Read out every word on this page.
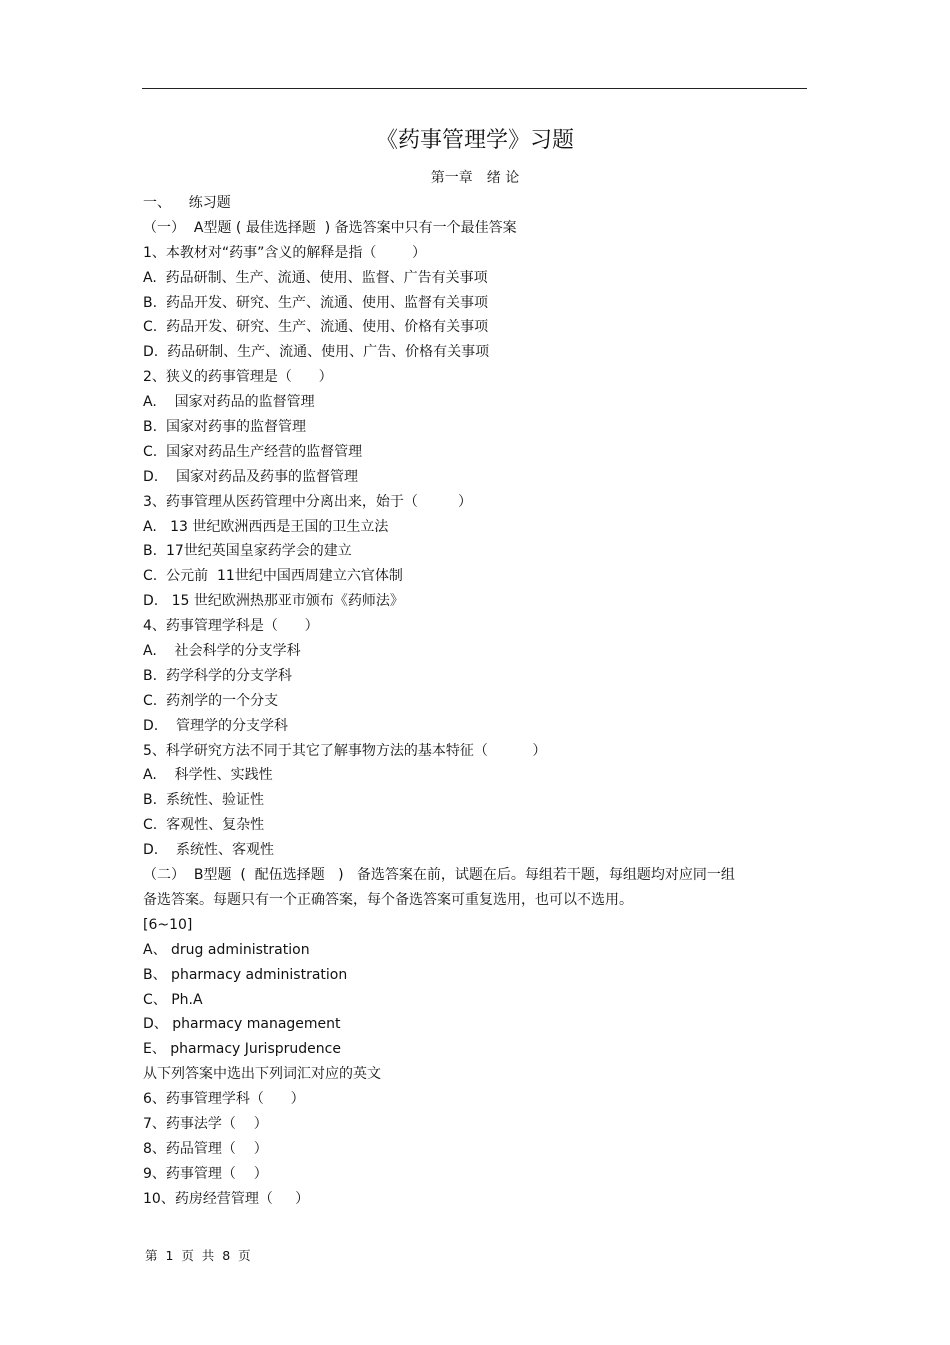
《药事管理学》习题
第一章　绪 论
一、    练习题
（一）  A型题 ( 最佳选择题  ) 备选答案中只有一个最佳答案
1、本教材对“药事”含义的解释是指（        ）
A.  药品研制、生产、流通、使用、监督、广告有关事项
B.  药品开发、研究、生产、流通、使用、监督有关事项
C.  药品开发、研究、生产、流通、使用、价格有关事项
D.  药品研制、生产、流通、使用、广告、价格有关事项
2、狭义的药事管理是（      ）
A.    国家对药品的监督管理
B.  国家对药事的监督管理
C.  国家对药品生产经营的监督管理
D.    国家对药品及药事的监督管理
3、药事管理从医药管理中分离出来，始于（         ）
A.   13 世纪欧洲西西是王国的卫生立法
B.  17世纪英国皇家药学会的建立
C.  公元前  11世纪中国西周建立六官体制
D.   15 世纪欧洲热那亚市颁布《药师法》
4、药事管理学科是（      ）
A.    社会科学的分支学科
B.  药学科学的分支学科
C.  药剂学的一个分支
D.    管理学的分支学科
5、科学研究方法不同于其它了解事物方法的基本特征（          ）
A.    科学性、实践性
B.  系统性、验证性
C.  客观性、复杂性
D.    系统性、客观性
（二）  B型题  (  配伍选择题   )   备选答案在前，试题在后。每组若干题，每组题均对应同一组
备选答案。每题只有一个正确答案，每个备选答案可重复选用，也可以不选用。
[6~10]
A、 drug administration
B、 pharmacy administration
C、 Ph.A
D、 pharmacy management
E、 pharmacy Jurisprudence
从下列答案中选出下列词汇对应的英文
6、药事管理学科（      ）
7、药事法学（    ）
8、药品管理（    ）
9、药事管理（    ）
10、药房经营管理（     ）
第  1  页  共  8  页
